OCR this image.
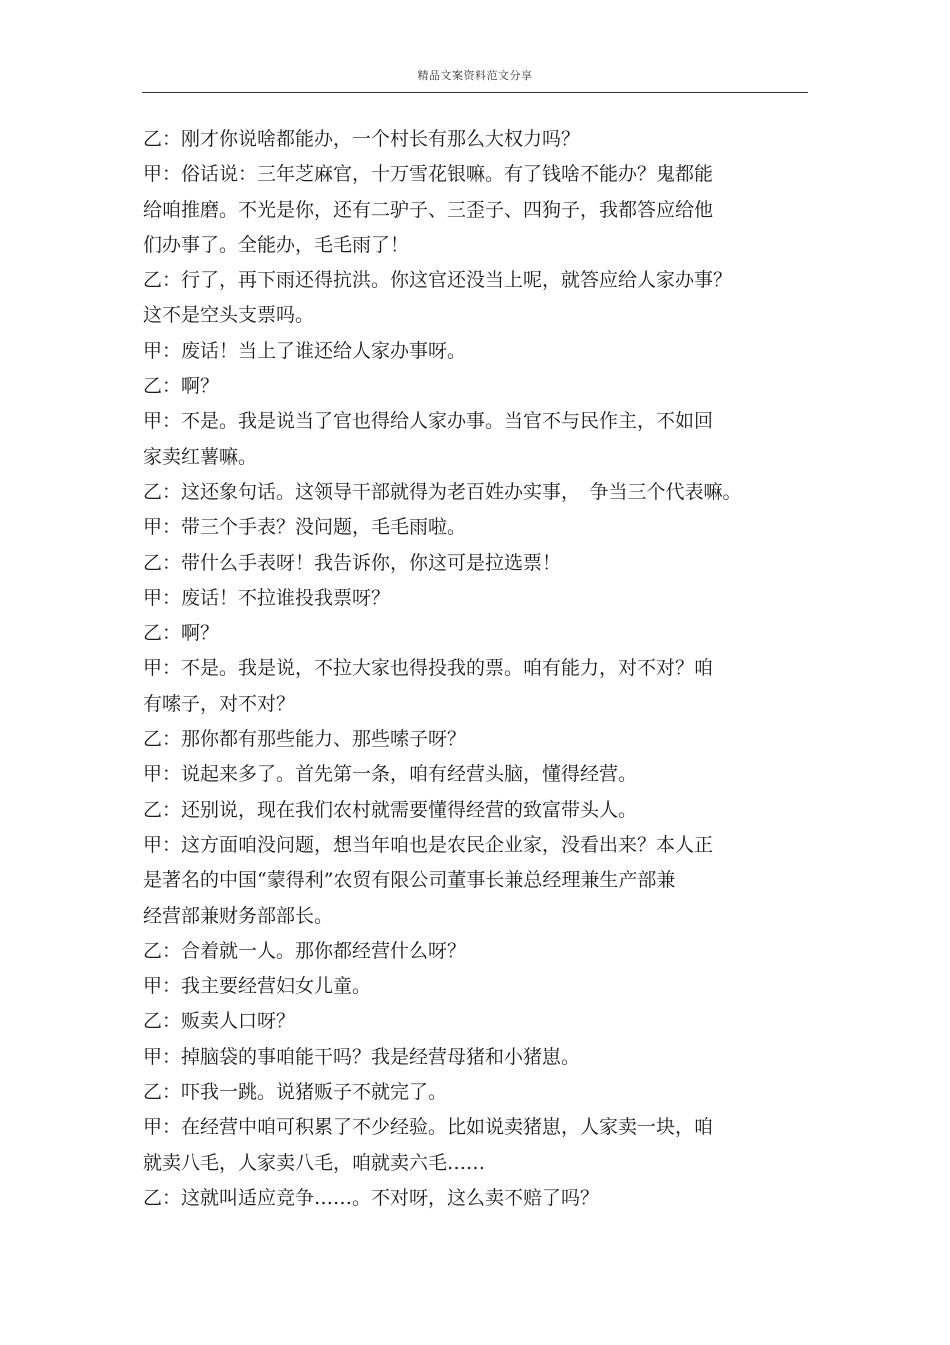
精品文案资料范文分享
乙：刚才你说啥都能办，一个村长有那么大权力吗？
甲：俗话说：三年芝麻官，十万雪花银嘛。有了钱啥不能办？鬼都能
给咱推磨。不光是你，还有二驴子、三歪子、四狗子，我都答应给他
们办事了。全能办，毛毛雨了！
乙：行了，再下雨还得抗洪。你这官还没当上呢，就答应给人家办事？
这不是空头支票吗。
甲：废话！当上了谁还给人家办事呀。
乙：啊？
甲：不是。我是说当了官也得给人家办事。当官不与民作主，不如回
家卖红薯嘛。
乙：这还象句话。这领导干部就得为老百姓办实事，　争当三个代表嘛。
甲：带三个手表？没问题，毛毛雨啦。
乙：带什么手表呀！我告诉你，你这可是拉选票！
甲：废话！不拉谁投我票呀？
乙：啊？
甲：不是。我是说，不拉大家也得投我的票。咱有能力，对不对？咱
有嗦子，对不对？
乙：那你都有那些能力、那些嗦子呀？
甲：说起来多了。首先第一条，咱有经营头脑，懂得经营。
乙：还别说，现在我们农村就需要懂得经营的致富带头人。
甲：这方面咱没问题，想当年咱也是农民企业家，没看出来？本人正
是著名的中国“蒙得利”农贸有限公司董事长兼总经理兼生产部兼
经营部兼财务部部长。
乙：合着就一人。那你都经营什么呀？
甲：我主要经营妇女儿童。
乙：贩卖人口呀？
甲：掉脑袋的事咱能干吗？我是经营母猪和小猪崽。
乙：吓我一跳。说猪贩子不就完了。
甲：在经营中咱可积累了不少经验。比如说卖猪崽，人家卖一块，咱
就卖八毛，人家卖八毛，咱就卖六毛……
乙：这就叫适应竞争……。不对呀，这么卖不赔了吗？
